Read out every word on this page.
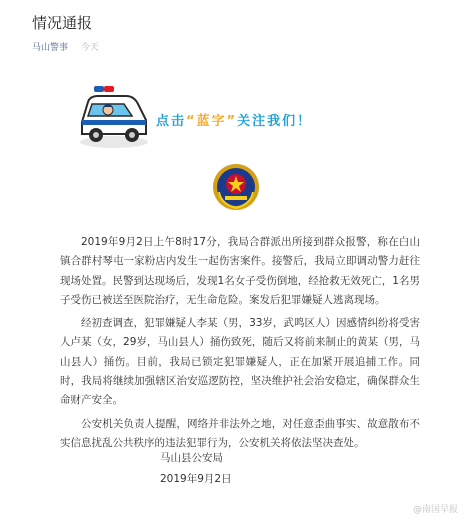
情况通报
马山警事 今天
POLICE
点击“蓝字”关注我们！

2019年9月2日上午8时17分，我局合群派出所接到群众报警，称在白山镇合群村琴屯一家粉店内发生一起伤害案件。接警后，我局立即调动警力赶往现场处置。民警到达现场后，发现1名女子受伤倒地，经抢救无效死亡，1名男子受伤已被送至医院治疗，无生命危险。案发后犯罪嫌疑人逃离现场。

经初查调查，犯罪嫌疑人李某（男，33岁，武鸣区人）因感情纠纷将受害人卢某（女，29岁，马山县人）捅伤致死，随后又将前来制止的黄某（男，马山县人）捅伤。目前，我局已锁定犯罪嫌疑人，正在加紧开展追捕工作。同时，我局将继续加强辖区治安巡逻防控，坚决维护社会治安稳定，确保群众生命财产安全。

公安机关负责人提醒，网络并非法外之地，对任意歪曲事实、故意散布不实信息扰乱公共秩序的违法犯罪行为，公安机关将依法坚决查处。

马山县公安局
2019年9月2日
@南国早报
